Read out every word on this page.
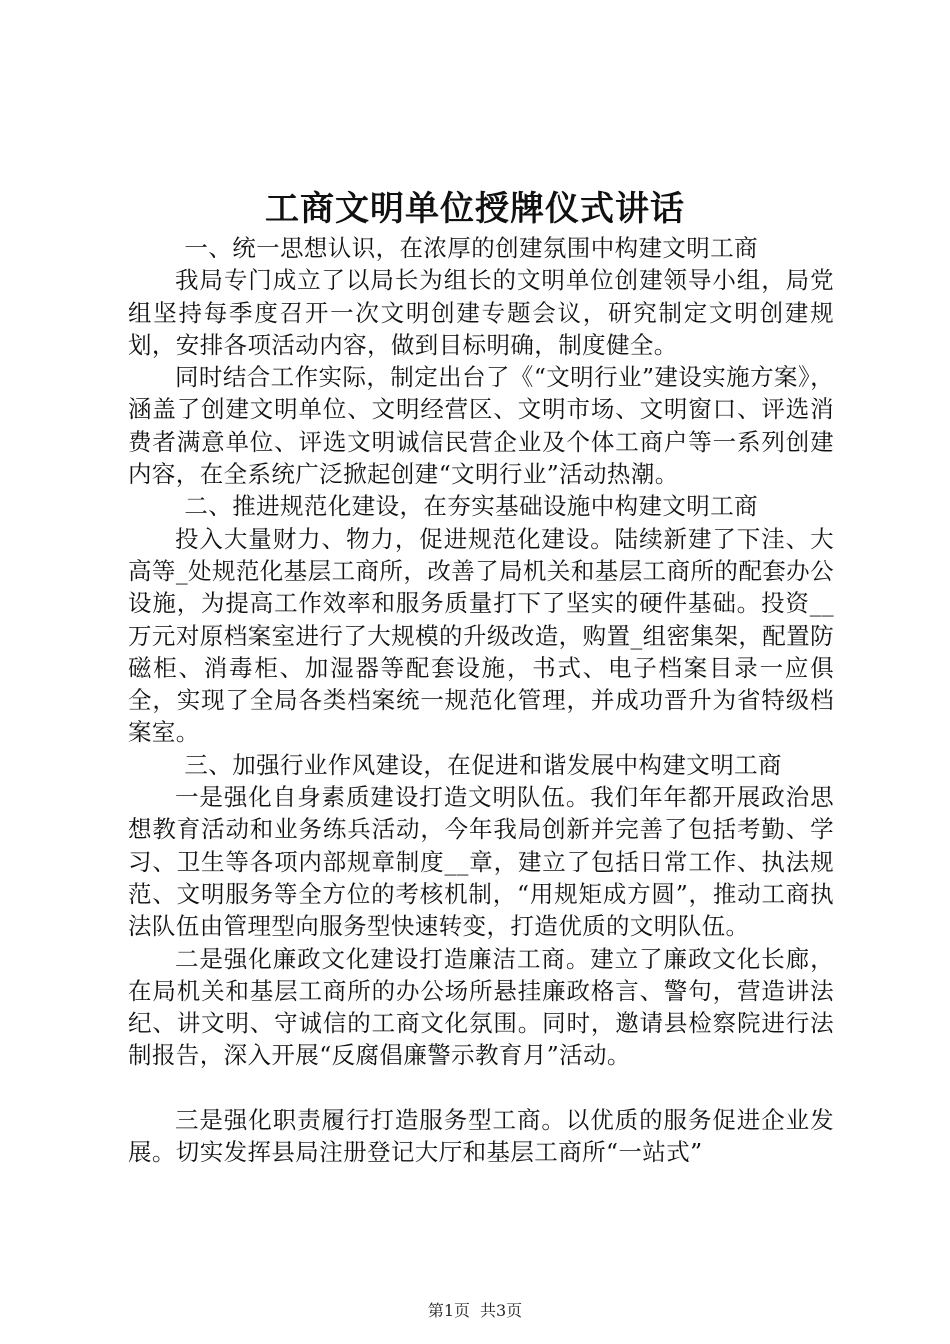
工商文明单位授牌仪式讲话

一、统一思想认识，在浓厚的创建氛围中构建文明工商

我局专门成立了以局长为组长的文明单位创建领导小组，局党组坚持每季度召开一次文明创建专题会议，研究制定文明创建规划，安排各项活动内容，做到目标明确，制度健全。

同时结合工作实际，制定出台了《“文明行业”建设实施方案》，涵盖了创建文明单位、文明经营区、文明市场、文明窗口、评选消费者满意单位、评选文明诚信民营企业及个体工商户等一系列创建内容，在全系统广泛掀起创建“文明行业”活动热潮。

二、推进规范化建设，在夯实基础设施中构建文明工商

投入大量财力、物力，促进规范化建设。陆续新建了下洼、大高等_处规范化基层工商所，改善了局机关和基层工商所的配套办公设施，为提高工作效率和服务质量打下了坚实的硬件基础。投资__万元对原档案室进行了大规模的升级改造，购置_组密集架，配置防磁柜、消毒柜、加湿器等配套设施，书式、电子档案目录一应俱全，实现了全局各类档案统一规范化管理，并成功晋升为省特级档案室。

三、加强行业作风建设，在促进和谐发展中构建文明工商

一是强化自身素质建设打造文明队伍。我们年年都开展政治思想教育活动和业务练兵活动，今年我局创新并完善了包括考勤、学习、卫生等各项内部规章制度__章，建立了包括日常工作、执法规范、文明服务等全方位的考核机制，“用规矩成方圆”，推动工商执法队伍由管理型向服务型快速转变，打造优质的文明队伍。

二是强化廉政文化建设打造廉洁工商。建立了廉政文化长廊，在局机关和基层工商所的办公场所悬挂廉政格言、警句，营造讲法纪、讲文明、守诚信的工商文化氛围。同时，邀请县检察院进行法制报告，深入开展“反腐倡廉警示教育月”活动。

三是强化职责履行打造服务型工商。以优质的服务促进企业发展。切实发挥县局注册登记大厅和基层工商所“一站式”

第1页 共3页
